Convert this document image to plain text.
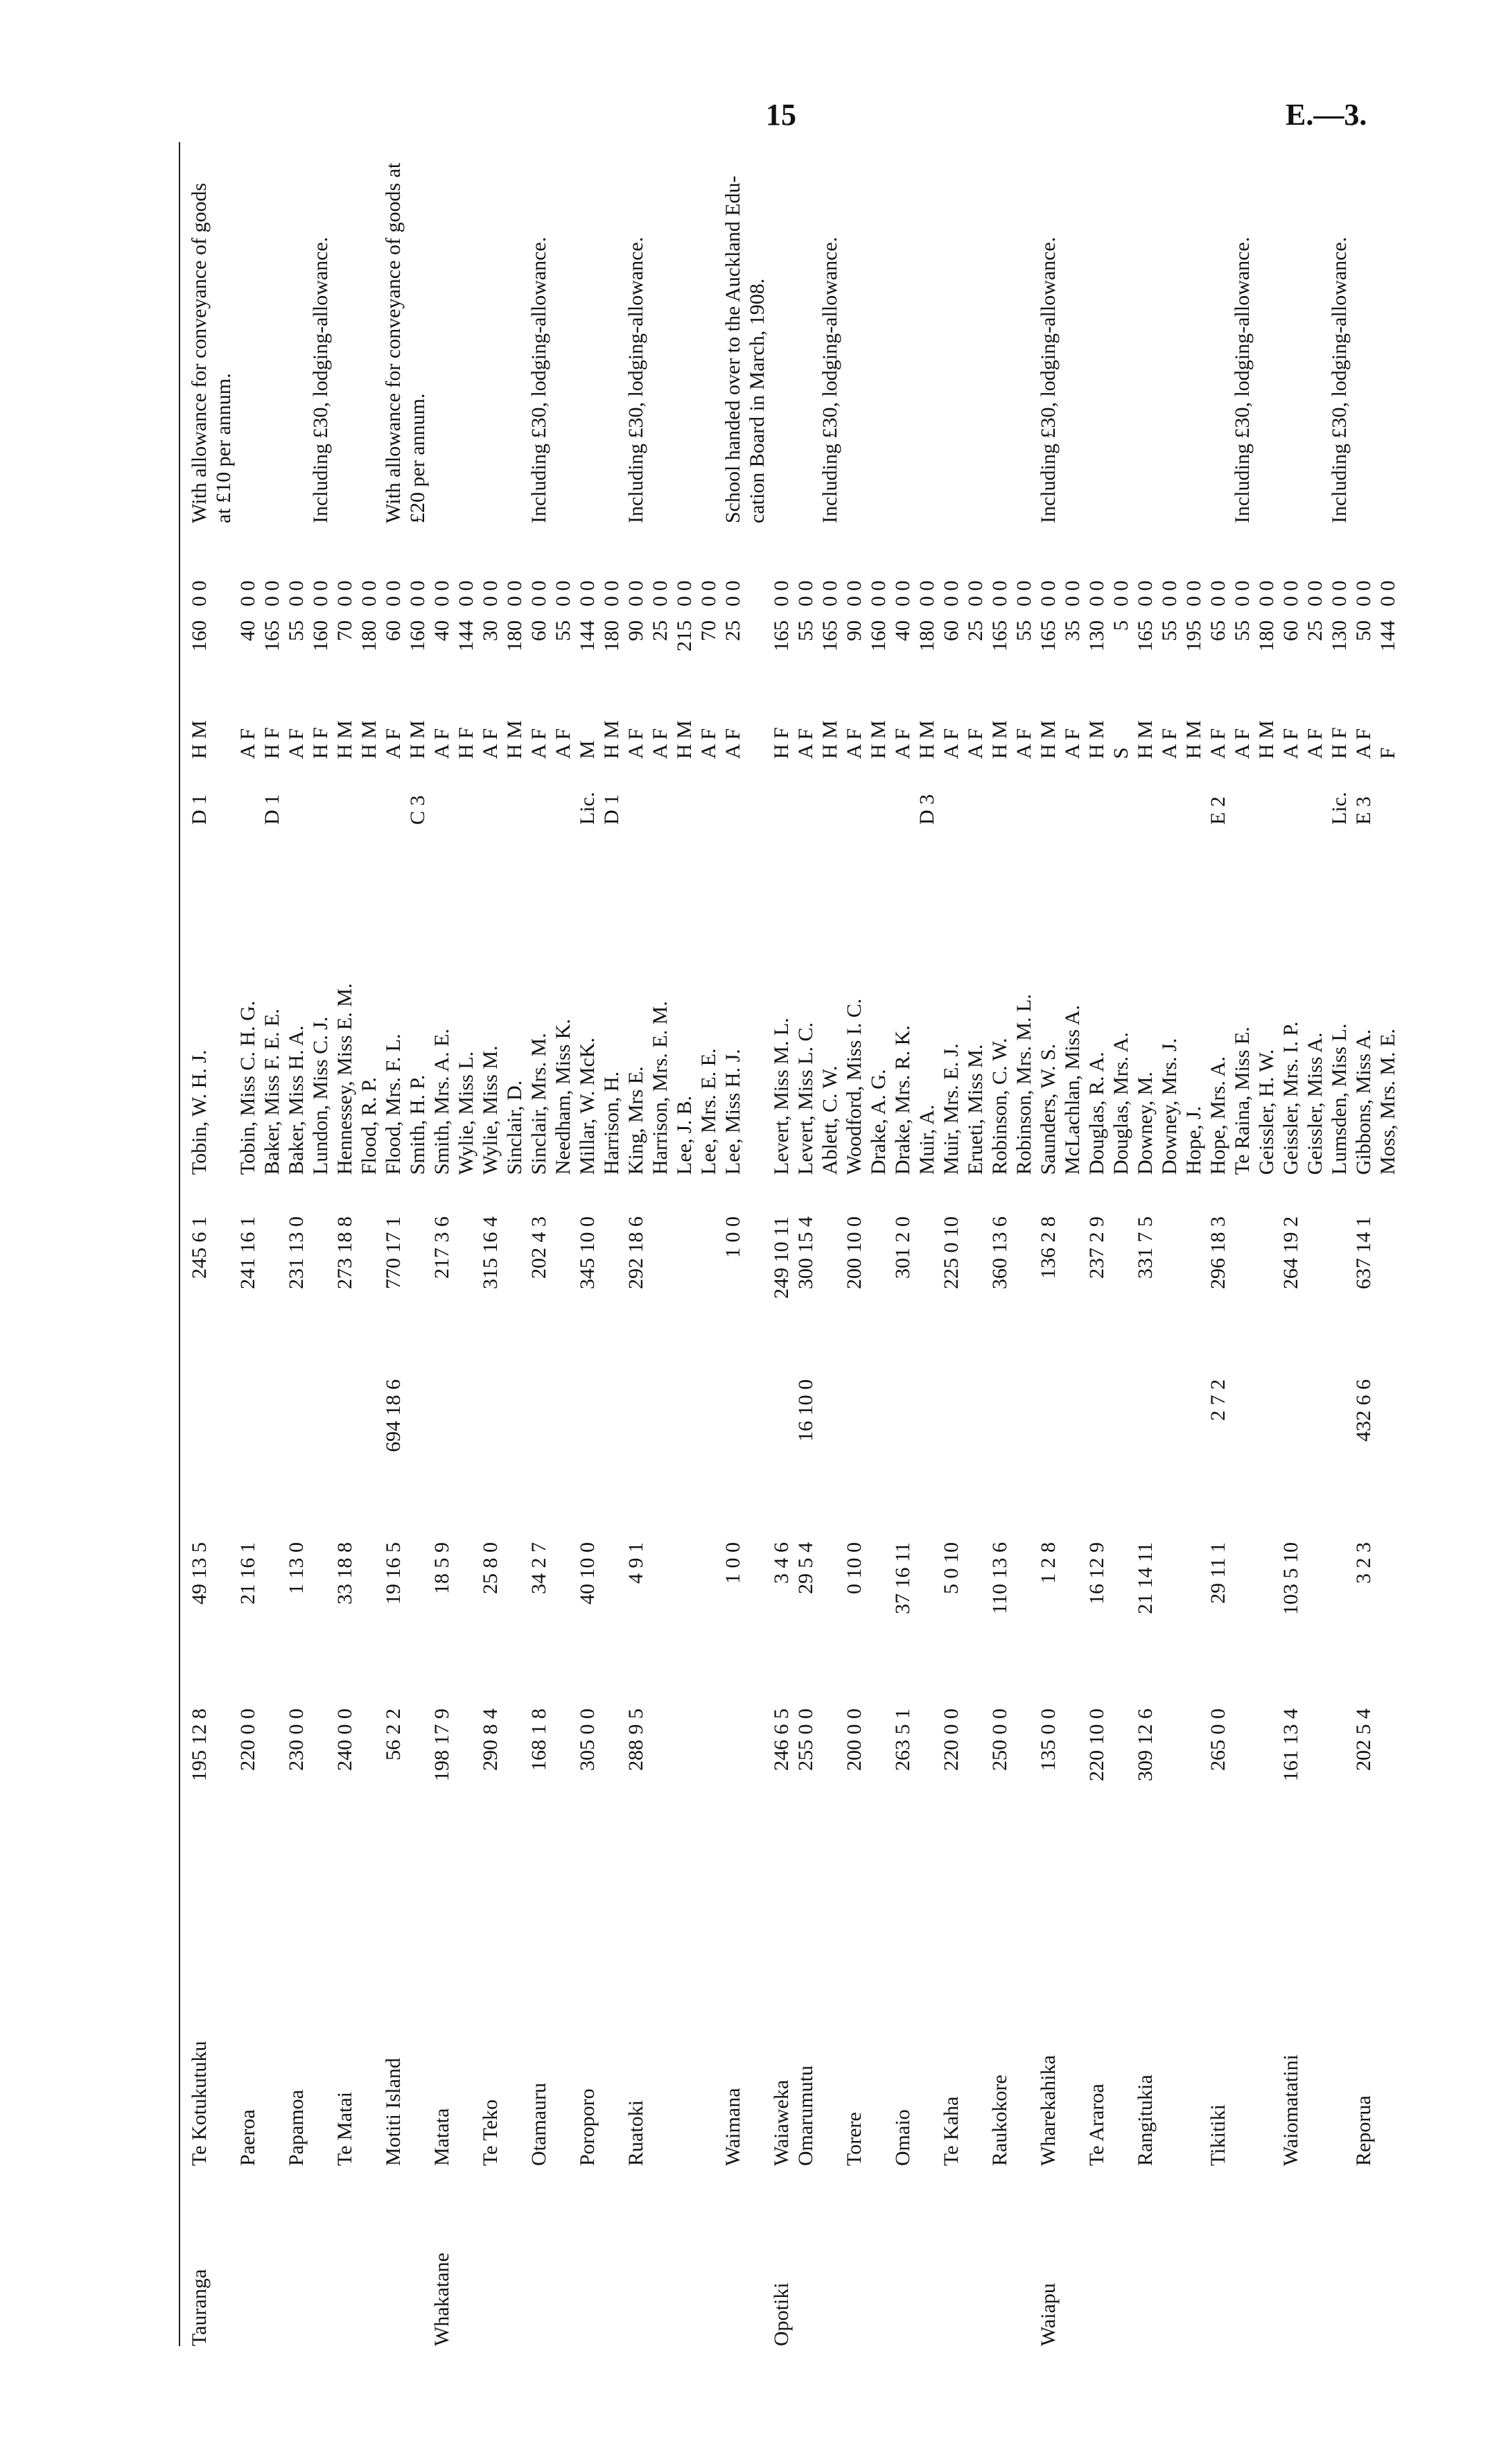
15	E.—3.
Tauranga
Te Kotukutuku
195 12 8
49 13 5
245 6 1
Tobin, W. H. J.
D 1
H M
160
0 0
With allowance for conveyance of goods at £10 per annum.
Paeroa
220 0 0
21 16 1
241 16 1
Tobin, Miss C. H. G.
A F
40
0 0
Baker, Miss F. E. E.
D 1
H F
165
0 0
Papamoa
230 0 0
1 13 0
231 13 0
Baker, Miss H. A.
A F
55
0 0
Lundon, Miss C. J.
H F
160
0 0
Including £30, lodging-allowance.
Te Matai
240 0 0
33 18 8
273 18 8
Hennessey, Miss E. M.
H M
70
0 0
Flood, R. P.
H M
180
0 0
Motiti Island
56 2 2
19 16 5
694 18 6
770 17 1
Flood, Mrs. F. L.
A F
60
0 0
With allowance for conveyance of goods at
Smith, H. P.
C 3
H M
160
0 0
£20 per annum.
Whakatane
Matata
198 17 9
18 5 9
217 3 6
Smith, Mrs. A. E.
A F
40
0 0
Wylie, Miss L.
H F
144
0 0
Te Teko
290 8 4
25 8 0
315 16 4
Wylie, Miss M.
A F
30
0 0
Sinclair, D.
H M
180
0 0
Otamauru
168 1 8
34 2 7
202 4 3
Sinclair, Mrs. M.
A F
60
0 0
Including £30, lodging-allowance.
Needham, Miss K.
A F
55
0 0
Poroporo
305 0 0
40 10 0
345 10 0
Millar, W. McK.
Lic.
M
144
0 0
Harrison, H.
D 1
H M
180
0 0
Ruatoki
288 9 5
4 9 1
292 18 6
King, Mrs E.
A F
90
0 0
Including £30, lodging-allowance.
Harrison, Mrs. E. M.
A F
25
0 0
Lee, J. B.
H M
215
0 0
Lee, Mrs. E. E.
A F
70
0 0
Waimana
1 0 0
1 0 0
Lee, Miss H. J.
A F
25
0 0
School handed over to the Auckland Edu- cation Board in March, 1908.
Opotiki
Waiaweka
246 6 5
3 4 6
249 10 11
Levert, Miss M. L.
H F
165
0 0
Omarumutu
255 0 0
29 5 4
16 10 0
300 15 4
Levert, Miss L. C.
A F
55
0 0
Ablett, C. W.
H M
165
0 0
Including £30, lodging-allowance.
Torere
200 0 0
0 10 0
200 10 0
Woodford, Miss I. C.
A F
90
0 0
Drake, A. G.
H M
160
0 0
Omaio
263 5 1
37 16 11
301 2 0
Drake, Mrs. R. K.
A F
40
0 0
Muir, A.
D 3
H M
180
0 0
Te Kaha
220 0 0
5 0 10
225 0 10
Muir, Mrs. E. J.
A F
60
0 0
Erueti, Miss M.
A F
25
0 0
Raukokore
250 0 0
110 13 6
360 13 6
Robinson, C. W.
H M
165
0 0
Robinson, Mrs. M. L.
A F
55
0 0
Waiapu
Wharekahika
135 0 0
1 2 8
136 2 8
Saunders, W. S.
H M
165
0 0
Including £30, lodging-allowance.
McLachlan, Miss A.
A F
35
0 0
Te Araroa
220 10 0
16 12 9
237 2 9
Douglas, R. A.
H M
130
0 0
Douglas, Mrs. A.
S
5
0 0
Rangitukia
309 12 6
21 14 11
331 7 5
Downey, M.
H M
165
0 0
Downey, Mrs. J.
A F
55
0 0
Hope, J.
H M
195
0 0
Tikitiki
265 0 0
29 11 1
2 7 2
296 18 3
Hope, Mrs. A.
E 2
A F
65
0 0
Te Raina, Miss E.
A F
55
0 0
Including £30, lodging-allowance.
Geissler, H. W.
H M
180
0 0
Waiomatatini
161 13 4
103 5 10
264 19 2
Geissler, Mrs. I. P.
A F
60
0 0
Geissler, Miss A.
A F
25
0 0
Lumsden, Miss L.
Lic.
H F
130
0 0
Including £30, lodging-allowance.
Reporua
202 5 4
3 2 3
432 6 6
637 14 1
Gibbons, Miss A.
E 3
A F
50
0 0
Moss, Mrs. M. E.
F
144
0 0
